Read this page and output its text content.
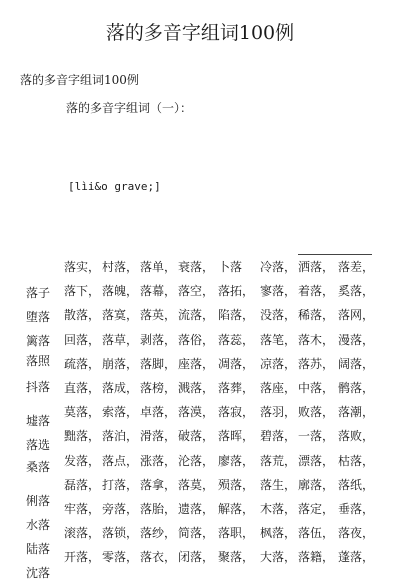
落的多音字组词100例
落的多音字组词100例
落的多音字组词（一）：
[lìi&o grave;]
落实， 村落， 落单， 衰落， 卜落 冷落， 洒落， 落差，
落下， 落魄， 落幕， 落空， 落拓， 寥落， 着落， 奚落，
散落， 落寞， 落英， 流落， 陷落， 没落， 稀落， 落网，
回落， 落草， 剥落， 落俗， 落蕊， 落笔， 落木， 漫落，
疏落， 崩落， 落脚， 座落， 凋落， 凉落， 落苏， 阔落，
直落， 落成， 落榜， 溅落， 落葬， 落座， 中落， 鹘落，
莫落， 索落， 卓落， 落漠， 落寂， 落羽， 败落， 落潮，
黜落， 落泊， 滑落， 破落， 落晖， 碧落， 一落， 落败，
发落， 落点， 涨落， 沦落， 廖落， 落荒， 漂落， 枯落，
磊落， 打落， 落拿， 落莫， 殒落， 落生， 廓落， 落纸，
牢落， 旁落， 落胎， 遗落， 解落， 木落， 落定， 垂落，
滚落， 落锁， 落纱， 简落， 落职， 枫落， 落伍， 落夜，
开落， 零落， 落衣， 闭落， 聚落， 大落， 落籍， 蓬落，
落子
堕落
篱落
落照
抖落
墟落
落选
桑落
俐落
水落
陆落
沈落
